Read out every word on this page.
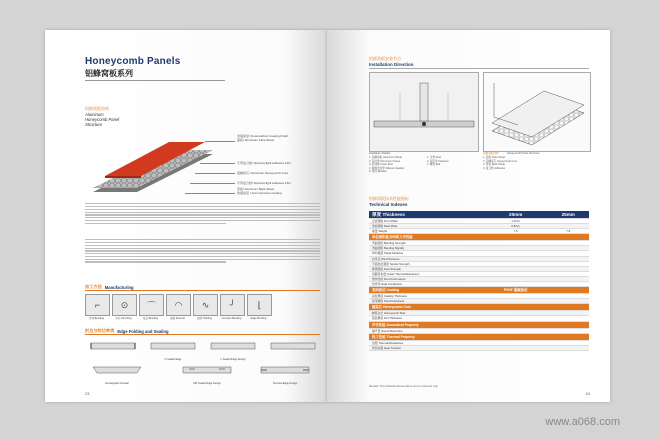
Honeycomb Panels
铝蜂窝板系列
铝蜂窝板结构
Aluminum
Honeycomb Panel
Structure
表面涂层/ Fluorocarbon Coating Finish
面板/ Aluminum Face Sheet
专用复合胶/ Special Hight Adhesive Film
铝蜂窝芯/ Aluminum Honeycomb Core
专用复合胶/ Special Hight Adhesive Film
背板/ Aluminum Back Sheet
防腐涂层 / Anti-Corrosive Coating
加工方法 Manufacturing
⌐
折弯 Bending
⊙
打孔 Punching
⌒
咬合 Bending
◠
弧形 Flexural
∿
扭转 Twisting
╯
Complex Bending
⌊
Edge Bending
折边与封边种类 Edge Folding and Sealing
U-Sealed Edge	L-Sealed Edge Design
Rectangular Dovetail	A/R Sealed Edge Design	Tenoned Edge Design
23
铝蜂窝板安装节点
Installation Direction
Installation Details
1. 铝蜂窝板 Aluminum Panel
2. 铝龙骨 Aluminum Frame
3. 泡沫棒 Foam Rod
4. 耐候密封胶 Silicone Sealant
5. 角码 Bracket
1. 龙骨 Keel
2. 固定件 Fastener
3. 螺栓 Bolt
铝蜂窝板结构	Honeycomb Panel Structure
1. 面板 Face Sheet
2. 铝蜂窝芯 Honeycomb Core
3. 背板 Back Sheet
4. 复合胶 Adhesive
铝蜂窝板技术性能指标
Technical Indexes
厚度 Thickness	20mm	25mm
正板规格 Front Plate	1.0mm	
背板规格 Rear Plate	0.8mm	
重量 Weight	7.5	7.8
单位面积复合结构力学性能		
弯曲强度 Bending Strength		
弯曲刚度 Bending Rigidity		
剪切模量 Shear Modulus		
抗风压 Wind Pressure		
平面抗拉强度 Tensile Strength		
剥离强度 Peel Strength		
线膨胀系数 Linear Thermal Expansion		
燃烧性能 Fire Performance		
热传导 Heat Conduction		
表面涂层 Coating	PVDF 氟碳涂层	
涂层厚度 Coating Thickness		
铅笔硬度 Pencil Hardness		
蜂窝芯 Honeycomb Core		
蜂窝边长 Honeycomb Side		
铝箔厚度 Foil Thickness		
声学性能 Acoustical Property		
隔声量 Sound Reduction		
热工性能 Thermal Property		
热阻 Thermal Resistance		
传热系数 Heat Transfer		
Remark: The technical indexes above are for reference only.
24
www.a068.com
